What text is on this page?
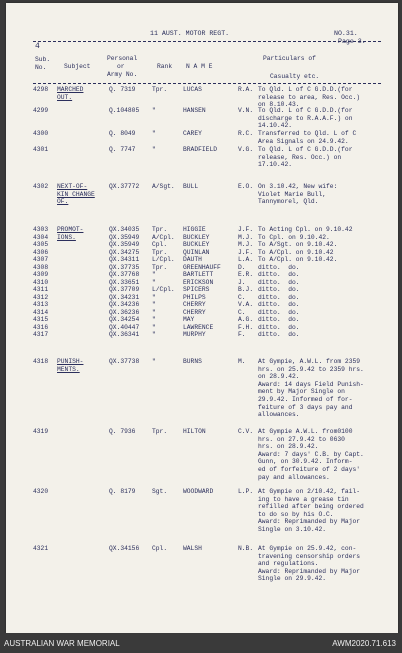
11 AUST. MOTOR REGT.	NO.31.
Page 3.
4
Sub.
No.	Subject
Personal
or
Army No.
Rank N A M E
Particulars of
Casualty etc.
4298 MARCHED
OUT.
Q. 7319	Tpr.	LUCAS	R.A. To Qld. L of C G.D.D.(for
release to area, Res. Occ.)
on 8.10.43.
4299	Q.104805 "	HANSEN	V.N. To Qld. L of C G.D.D.(for
discharge to R.A.A.F.) on
14.10.42.
4300	Q. 8049	"	CAREY	R.C. Transferred to Qld. L of C
Area Signals on 24.9.42.
4301	Q. 7747	"	BRADFIELD	V.G. To Qld. L of C G.D.D.(for
release, Res. Occ.) on
17.10.42.
4302 NEXT-OF-
KIN CHANGE
OF.
QX.37772 A/Sgt. BULL	E.O. On 3.10.42, New wife:
Violet Marie Bull,
Tannymorel, Qld.
4303 PROMOT-
IONS.
QX.34035 Tpr.	HIGGIE	J.F. To Acting Cpl. on 9.10.42
4304	QX.35949 A/Cpl. BUCKLEY	M.J. To Cpl. on 9.10.42.
4305	QX.35949 Cpl.	BUCKLEY	M.J. To A/Sgt. on 9.10.42.
4306	QX.34275 Tpr.	QUINLAN	J.F. To A/Cpl. on 9.10.42
4307	QX.34311 L/Cpl. DAUTH	L.A. To A/Cpl. on 9.10.42.
4308	QX.37735 Tpr.	GREENHAUFF	D. ditto.  do.
4309	QX.37768 "	BARTLETT	E.R. ditto.  do.
4310	QX.33651 "	ERICKSON	J. ditto.  do.
4311	QX.37709 L/Cpl. SPICERS	B.J. ditto.  do.
4312	QX.34231 "	PHILPS	C. ditto.  do.
4313	QX.34236 "	CHERRY	V.A. ditto.  do.
4314	QX.36236 "	CHERRY	C. ditto.  do.
4315	QX.34254 "	MAY	A.G. ditto.  do.
4316	QX.40447 "	LAWRENCE	F.H. ditto.  do.
4317	QX.36341 "	MURPHY	F. ditto.  do.
4318 PUNISH-
MENTS.
QX.37738 "	BURNS	M. At Gympie, A.W.L. from 2359
hrs. on 25.9.42 to 2359 hrs.
on 28.9.42.
Award: 14 days Field Punish-
ment by Major Single on
29.9.42. Informed of for-
feiture of 3 days pay and
allowances.
4319	Q. 7936	Tpr.	HILTON	C.V. At Gympie A.W.L. from0100
hrs. on 27.9.42 to 0630
hrs. on 28.9.42.
Award: 7 days' C.B. by Capt.
Gunn, on 30.9.42. Inform-
ed of forfeiture of 2 days'
pay and allowances.
4320	Q. 8179	Sgt.	WOODWARD	L.P. At Gympie on 2/10.42, fail-
ing to have a grease tin
refilled after being ordered
to do so by his O.C.
Award: Reprimanded by Major
Single on 3.10.42.
4321	QX.34156 Cpl.	WALSH	N.B. At Gympie on 25.9.42, con-
travening censorship orders
and regulations.
Award: Reprimanded by Major
Single on 29.9.42.
AUSTRALIAN WAR MEMORIAL	AWM2020.71.613
